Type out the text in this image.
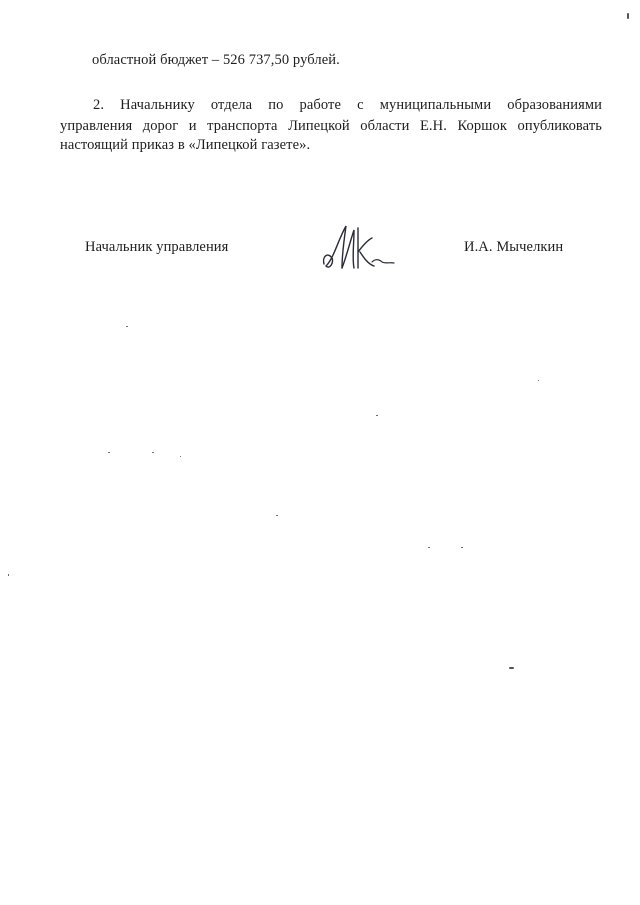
областной бюджет – 526 737,50 рублей.
2. Начальнику отдела по работе с муниципальными образованиями
управления дорог и транспорта Липецкой области Е.Н. Коршок опубликовать
настоящий приказ в «Липецкой газете».
Начальник управления	И.А. Мычелкин
